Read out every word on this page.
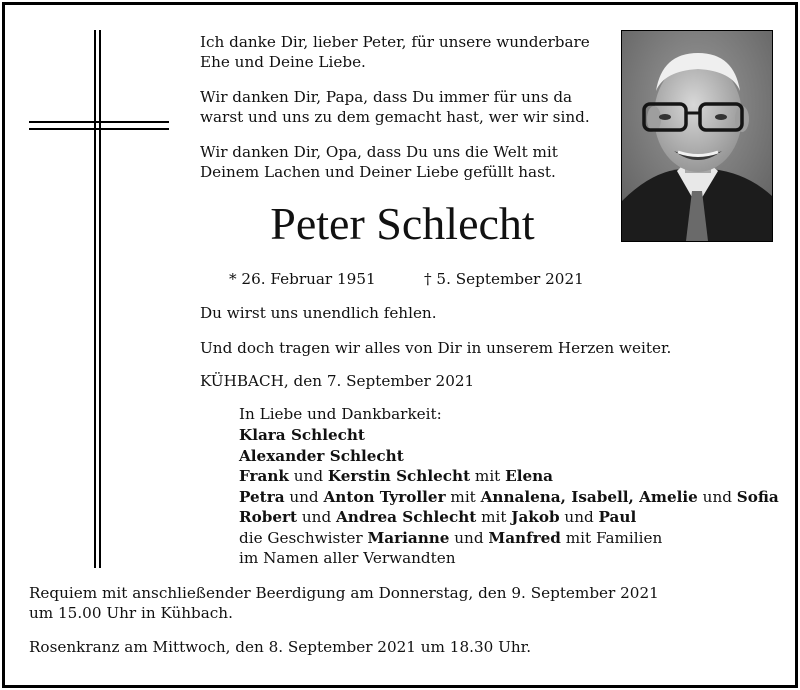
Ich danke Dir, lieber Peter, für unsere wunderbare
Ehe und Deine Liebe.
Wir danken Dir, Papa, dass Du immer für uns da
warst und uns zu dem gemacht hast, wer wir sind.
Wir danken Dir, Opa, dass Du uns die Welt mit
Deinem Lachen und Deiner Liebe gefüllt hast.
Peter Schlecht
* 26. Februar 1951	† 5. September 2021
Du wirst uns unendlich fehlen.
Und doch tragen wir alles von Dir in unserem Herzen weiter.
KÜHBACH, den 7. September 2021
In Liebe und Dankbarkeit:
Klara Schlecht
Alexander Schlecht
Frank und Kerstin Schlecht mit Elena
Petra und Anton Tyroller mit Annalena, Isabell, Amelie und Sofia
Robert und Andrea Schlecht mit Jakob und Paul
die Geschwister Marianne und Manfred mit Familien
im Namen aller Verwandten
Requiem mit anschließender Beerdigung am Donnerstag, den 9. September 2021
um 15.00 Uhr in Kühbach.
Rosenkranz am Mittwoch, den 8. September 2021 um 18.30 Uhr.
